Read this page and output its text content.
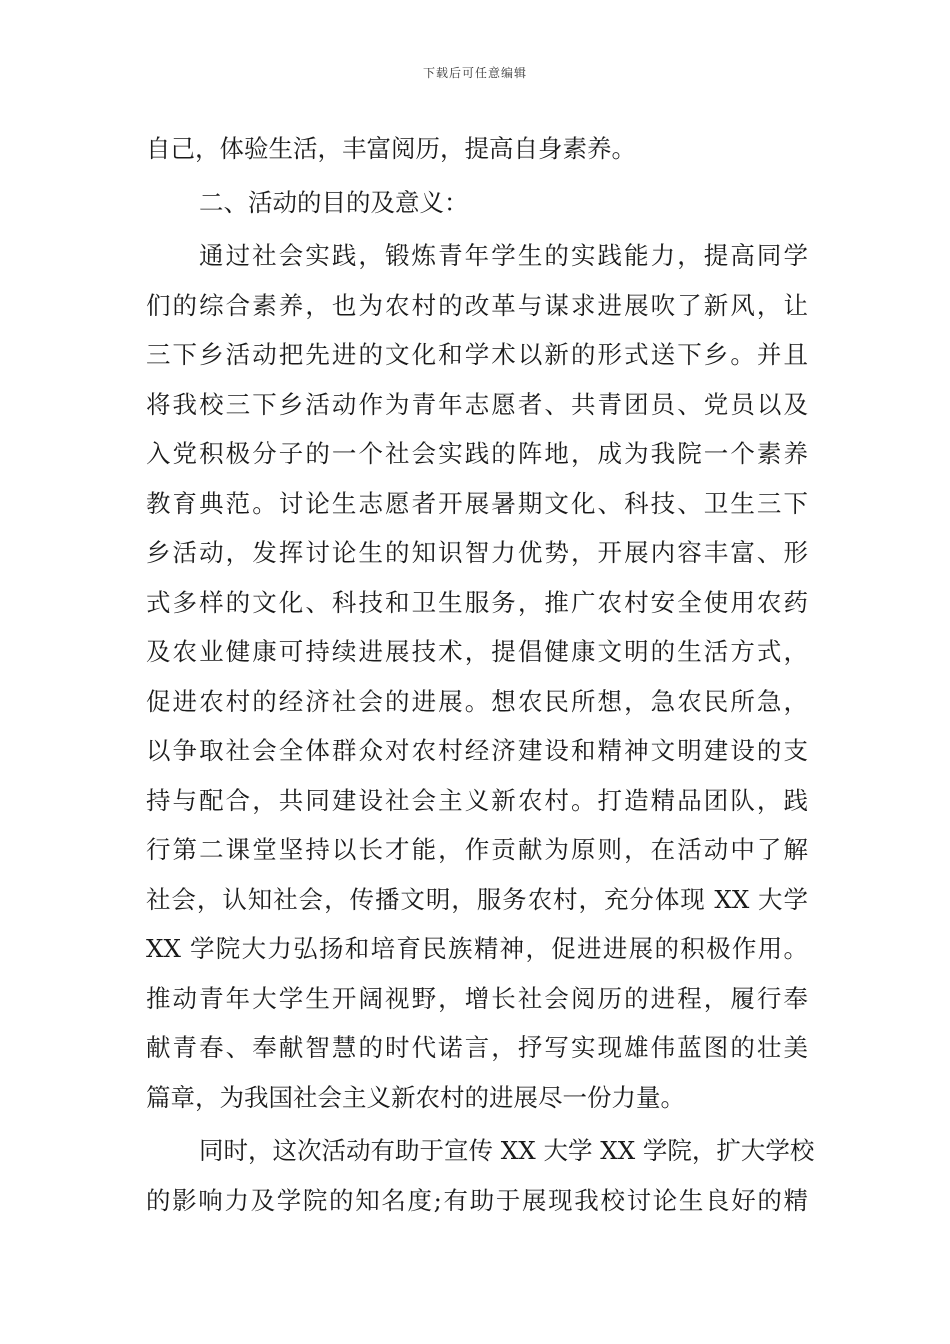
下载后可任意编辑
自己，体验生活，丰富阅历，提高自身素养。
二、活动的目的及意义：
通过社会实践，锻炼青年学生的实践能力，提高同学
们的综合素养，也为农村的改革与谋求进展吹了新风，让
三下乡活动把先进的文化和学术以新的形式送下乡。并且
将我校三下乡活动作为青年志愿者、共青团员、党员以及
入党积极分子的一个社会实践的阵地，成为我院一个素养
教育典范。讨论生志愿者开展暑期文化、科技、卫生三下
乡活动，发挥讨论生的知识智力优势，开展内容丰富、形
式多样的文化、科技和卫生服务，推广农村安全使用农药
及农业健康可持续进展技术，提倡健康文明的生活方式，
促进农村的经济社会的进展。想农民所想，急农民所急，
以争取社会全体群众对农村经济建设和精神文明建设的支
持与配合，共同建设社会主义新农村。打造精品团队，践
行第二课堂坚持以长才能，作贡献为原则，在活动中了解
社会，认知社会，传播文明，服务农村，充分体现 XX 大学
XX 学院大力弘扬和培育民族精神，促进进展的积极作用。
推动青年大学生开阔视野，增长社会阅历的进程，履行奉
献青春、奉献智慧的时代诺言，抒写实现雄伟蓝图的壮美
篇章，为我国社会主义新农村的进展尽一份力量。
同时，这次活动有助于宣传 XX 大学 XX 学院，扩大学校
的影响力及学院的知名度;有助于展现我校讨论生良好的精
